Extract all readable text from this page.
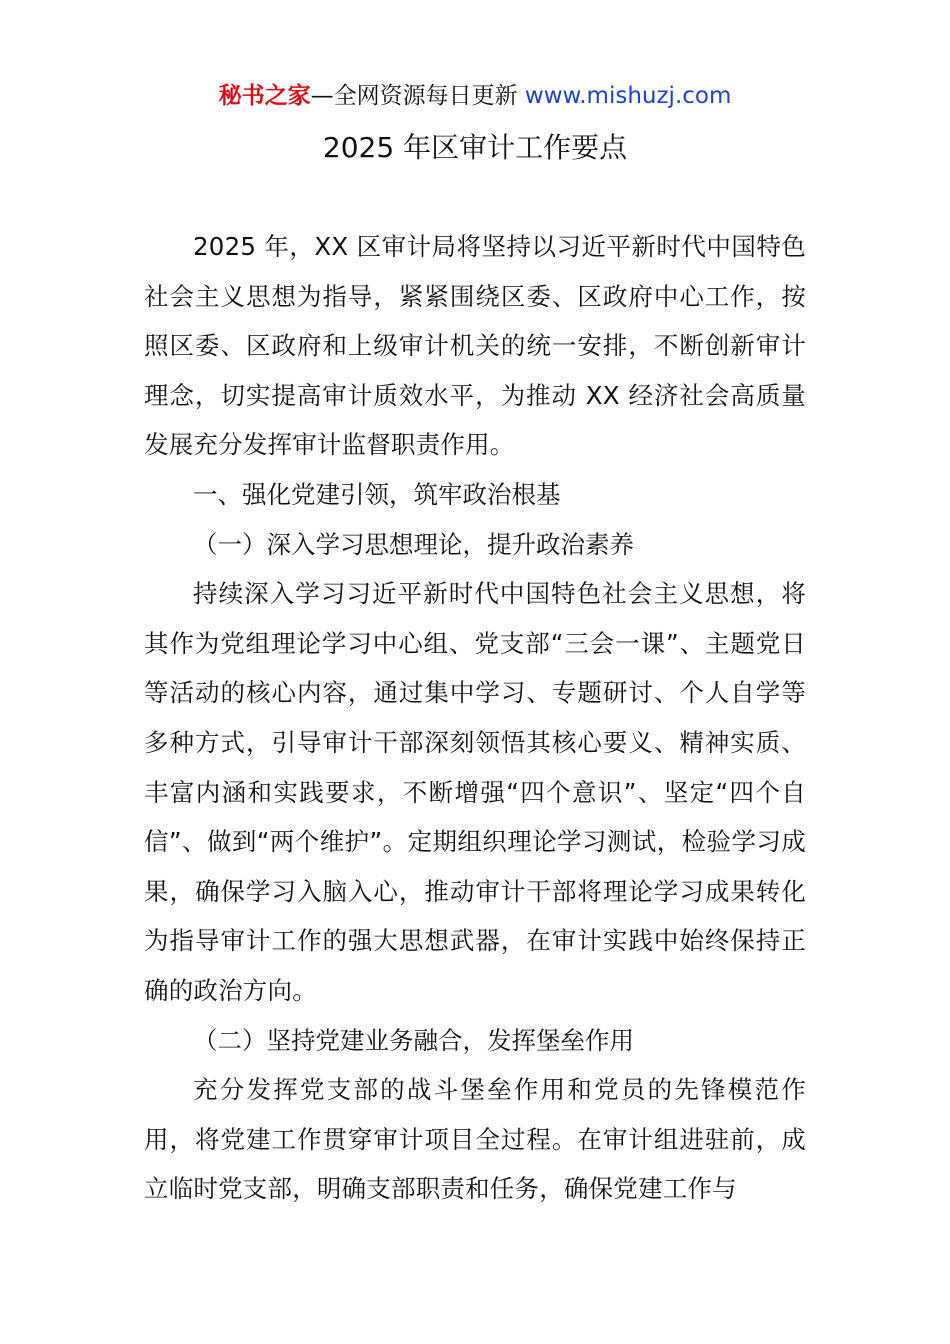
秘书之家—全网资源每日更新 www.mishuzj.com
2025 年区审计工作要点

2025 年，XX 区审计局将坚持以习近平新时代中国特色社会主义思想为指导，紧紧围绕区委、区政府中心工作，按照区委、区政府和上级审计机关的统一安排，不断创新审计理念，切实提高审计质效水平，为推动 XX 经济社会高质量发展充分发挥审计监督职责作用。

一、强化党建引领，筑牢政治根基

（一）深入学习思想理论，提升政治素养

持续深入学习习近平新时代中国特色社会主义思想，将其作为党组理论学习中心组、党支部“三会一课”、主题党日等活动的核心内容，通过集中学习、专题研讨、个人自学等多种方式，引导审计干部深刻领悟其核心要义、精神实质、丰富内涵和实践要求，不断增强“四个意识”、坚定“四个自信”、做到“两个维护”。定期组织理论学习测试，检验学习成果，确保学习入脑入心，推动审计干部将理论学习成果转化为指导审计工作的强大思想武器，在审计实践中始终保持正确的政治方向。

（二）坚持党建业务融合，发挥堡垒作用

充分发挥党支部的战斗堡垒作用和党员的先锋模范作用，将党建工作贯穿审计项目全过程。在审计组进驻前，成立临时党支部，明确支部职责和任务，确保党建工作与
